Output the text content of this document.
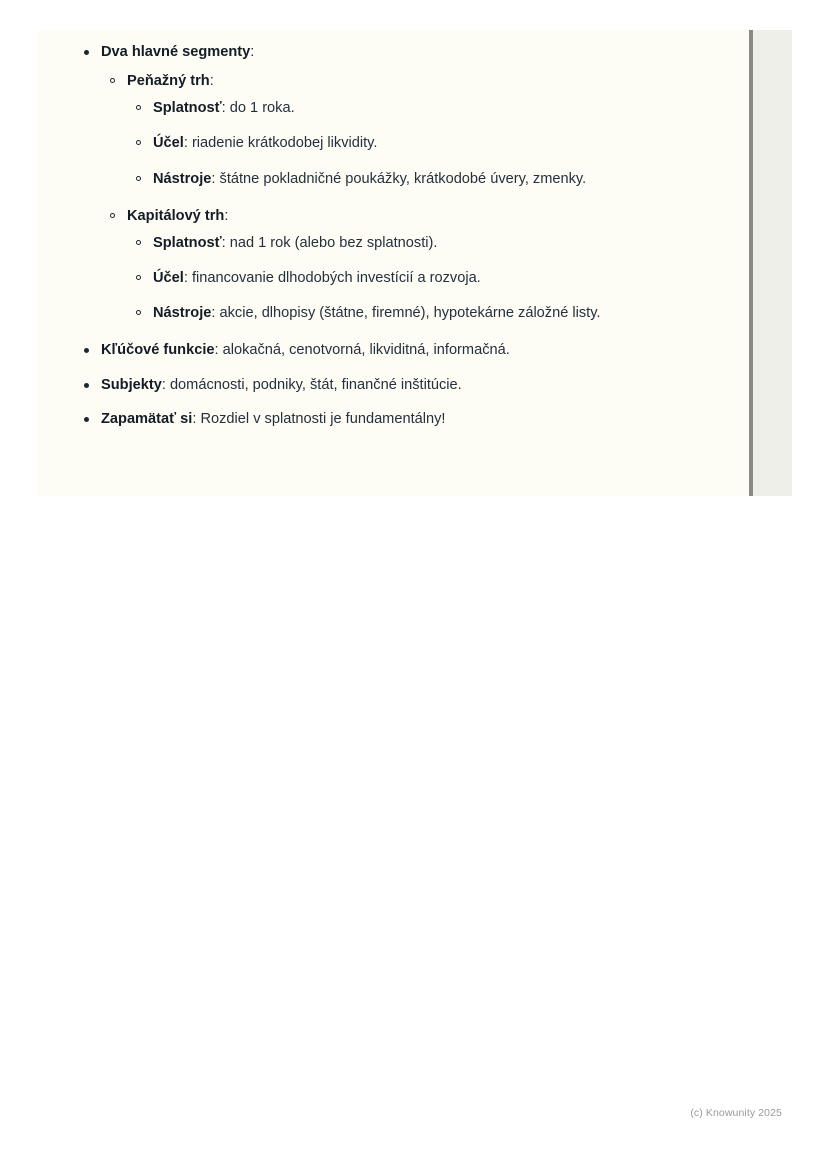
Dva hlavné segmenty:
Peňažný trh:
Splatnosť: do 1 roka.
Účel: riadenie krátkodobej likvidity.
Nástroje: štátne pokladničné poukážky, krátkodobé úvery, zmenky.
Kapitálový trh:
Splatnosť: nad 1 rok (alebo bez splatnosti).
Účel: financovanie dlhodobých investícií a rozvoja.
Nástroje: akcie, dlhopisy (štátne, firemné), hypotekárne záložné listy.
Kľúčové funkcie: alokačná, cenotvorná, likviditná, informačná.
Subjekty: domácnosti, podniky, štát, finančné inštitúcie.
Zapamätať si: Rozdiel v splatnosti je fundamentálny!
(c) Knowunity 2025
